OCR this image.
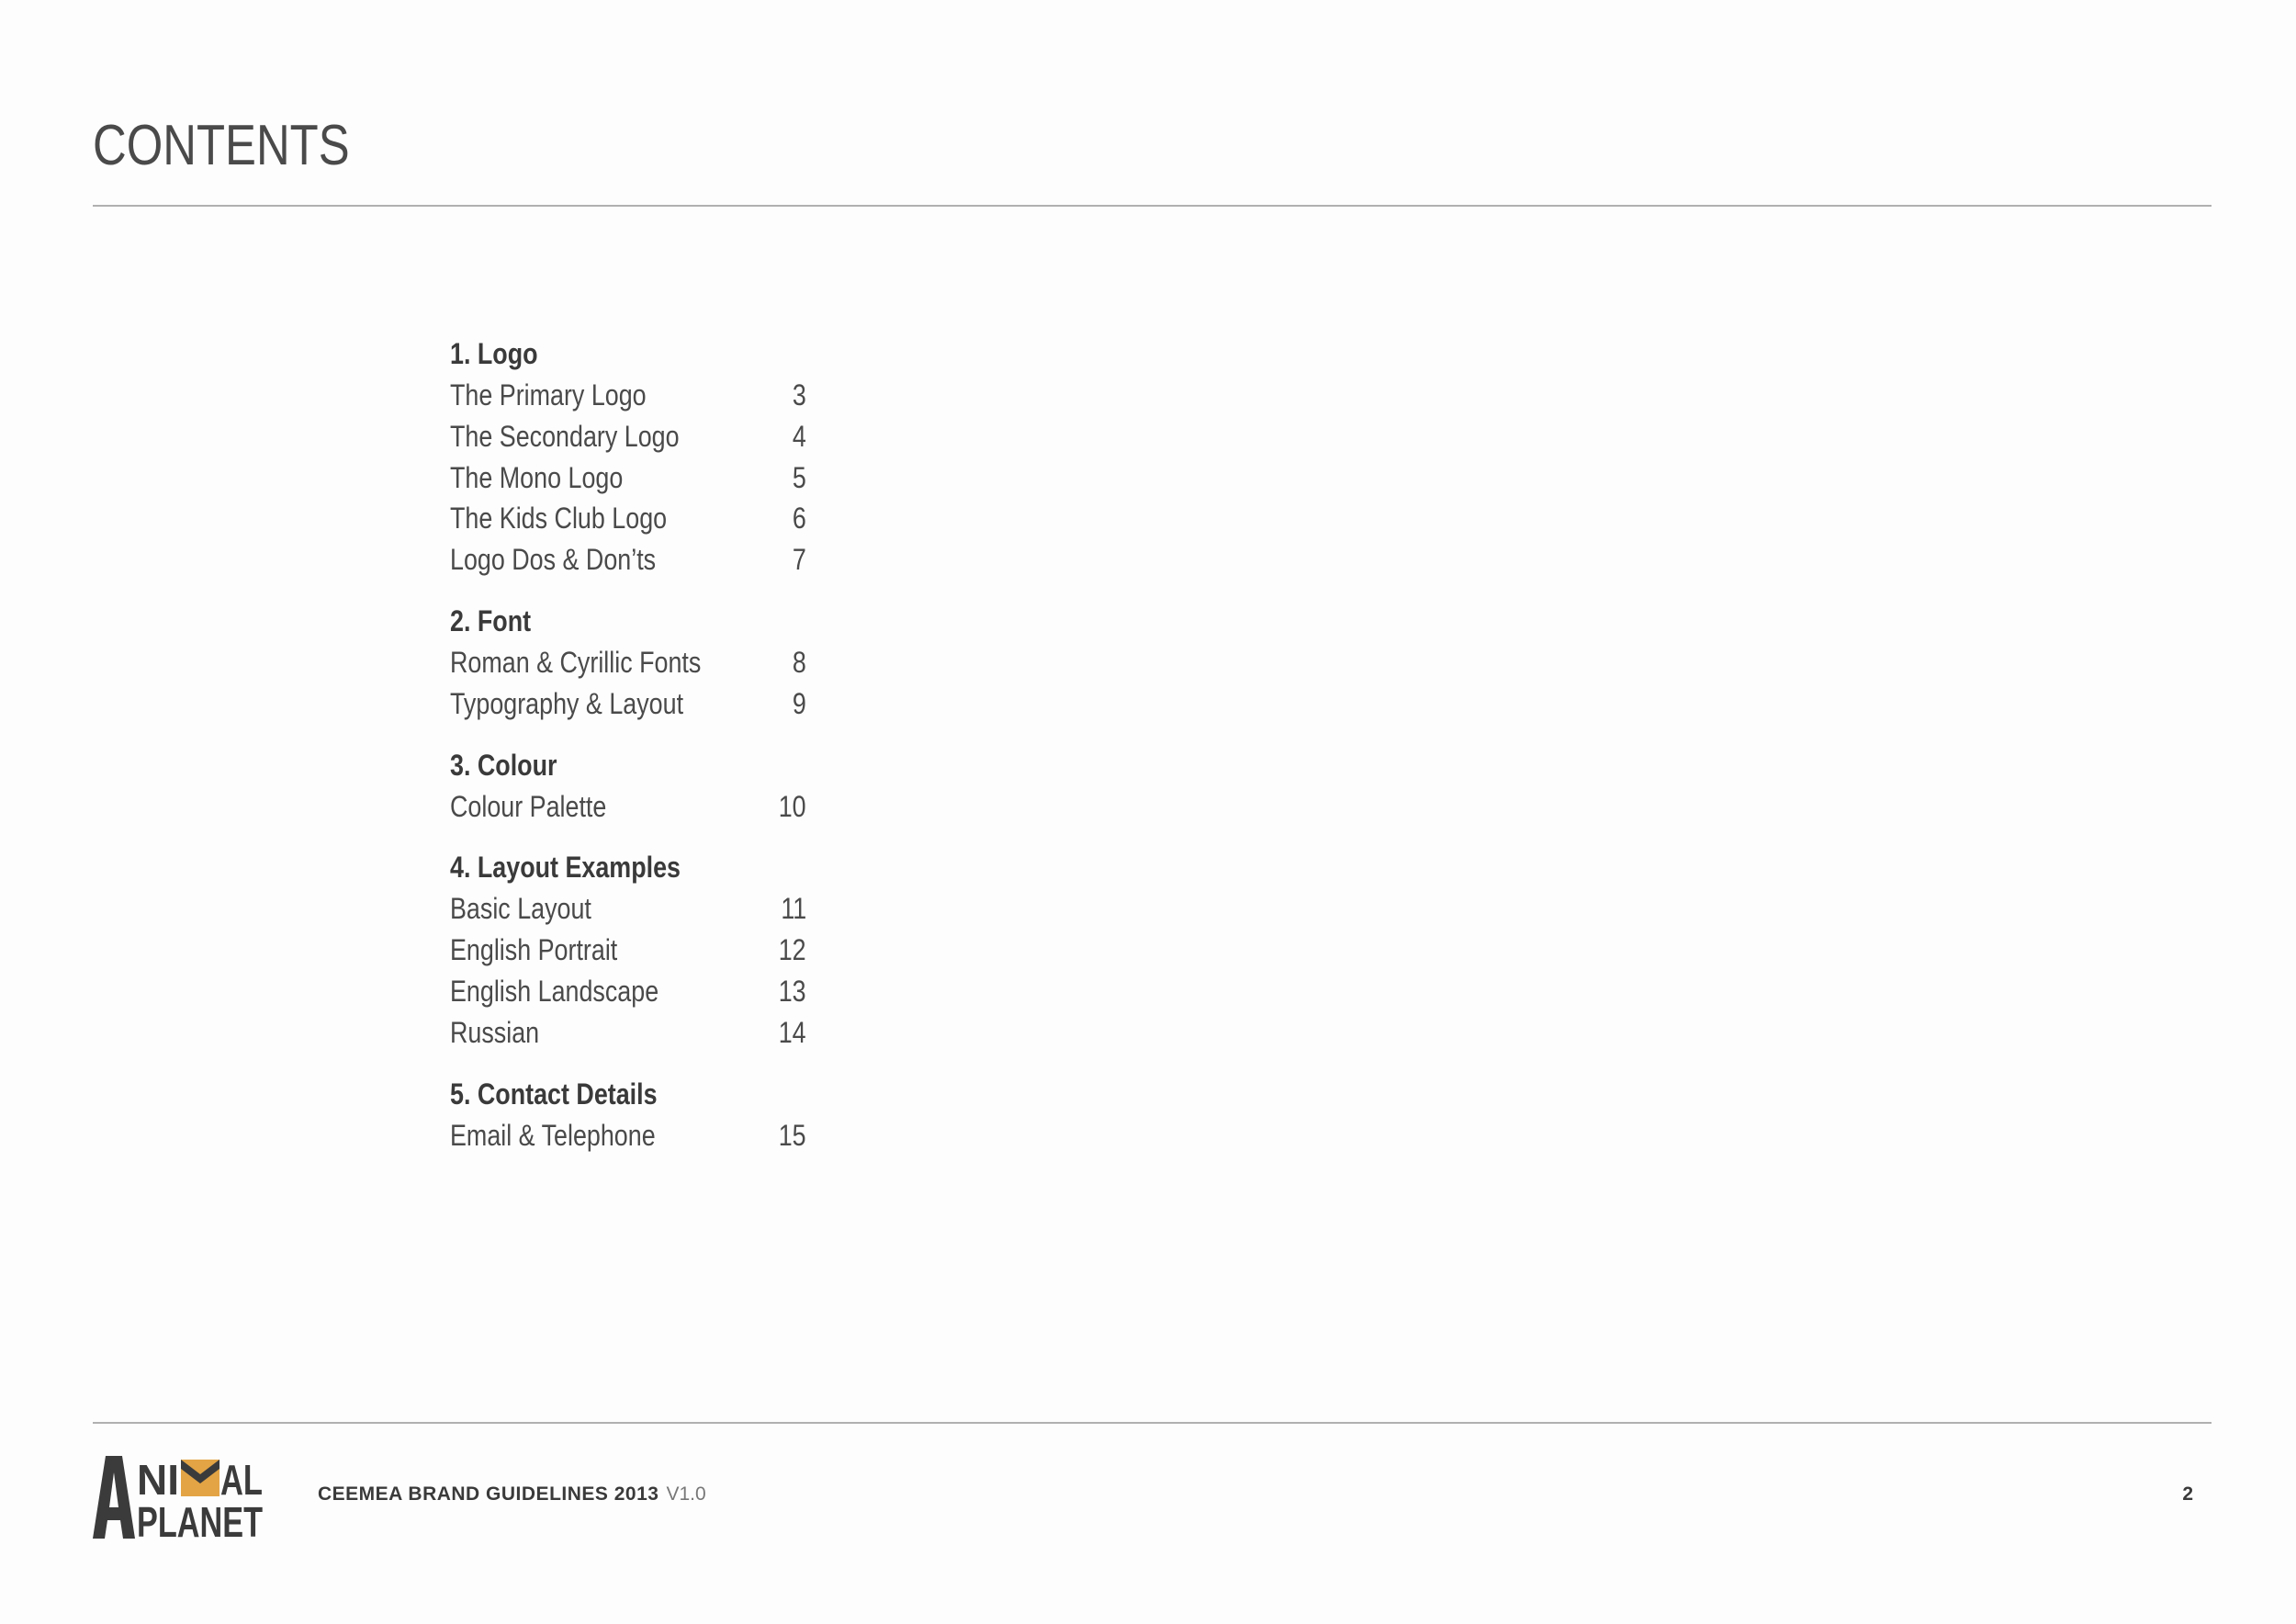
CONTENTS
1. Logo
The Primary Logo	3
The Secondary Logo	4
The Mono Logo	5
The Kids Club Logo	6
Logo Dos & Don’ts	7
2. Font
Roman & Cyrillic Fonts	8
Typography & Layout	9
3. Colour
Colour Palette	10
4. Layout Examples
Basic Layout	11
English Portrait	12
English Landscape	13
Russian	14
5. Contact Details
Email & Telephone	15
NI AL
PLANET
CEEMEA BRAND GUIDELINES 2013 V1.0	2
